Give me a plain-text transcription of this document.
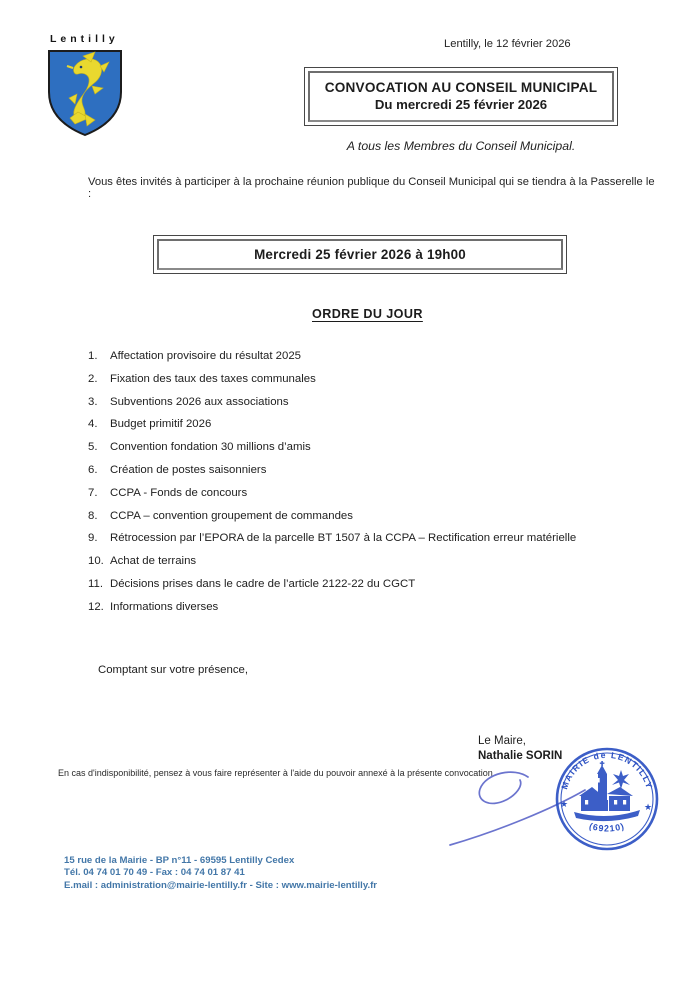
Lentilly	Lentilly, le 12 février 2026
CONVOCATION AU CONSEIL MUNICIPAL
Du mercredi 25 février 2026
A tous les Membres du Conseil Municipal.
Vous êtes invités à participer à la prochaine réunion publique du Conseil Municipal qui se tiendra à la Passerelle le :
Mercredi 25 février 2026 à 19h00
ORDRE DU JOUR
1.	Affectation provisoire du résultat 2025
2.	Fixation des taux des taxes communales
3.	Subventions 2026 aux associations
4.	Budget primitif 2026
5.	Convention fondation 30 millions d’amis
6.	Création de postes saisonniers
7.	CCPA - Fonds de concours
8.	CCPA – convention groupement de commandes
9.	Rétrocession par l’EPORA de la parcelle BT 1507 à la CCPA – Rectification erreur matérielle
10. Achat de terrains
11. Décisions prises dans le cadre de l’article 2122-22 du CGCT
12. Informations diverses
Comptant sur votre présence,
Le Maire,
Nathalie SORIN
En cas d'indisponibilité, pensez à vous faire représenter à l'aide du pouvoir annexé à la présente convocation.
MAIRIE de LENTILLY
(69210)
★	★
15 rue de la Mairie - BP n°11 - 69595 Lentilly Cedex
Tél. 04 74 01 70 49 - Fax : 04 74 01 87 41
E.mail : administration@mairie-lentilly.fr - Site : www.mairie-lentilly.fr
